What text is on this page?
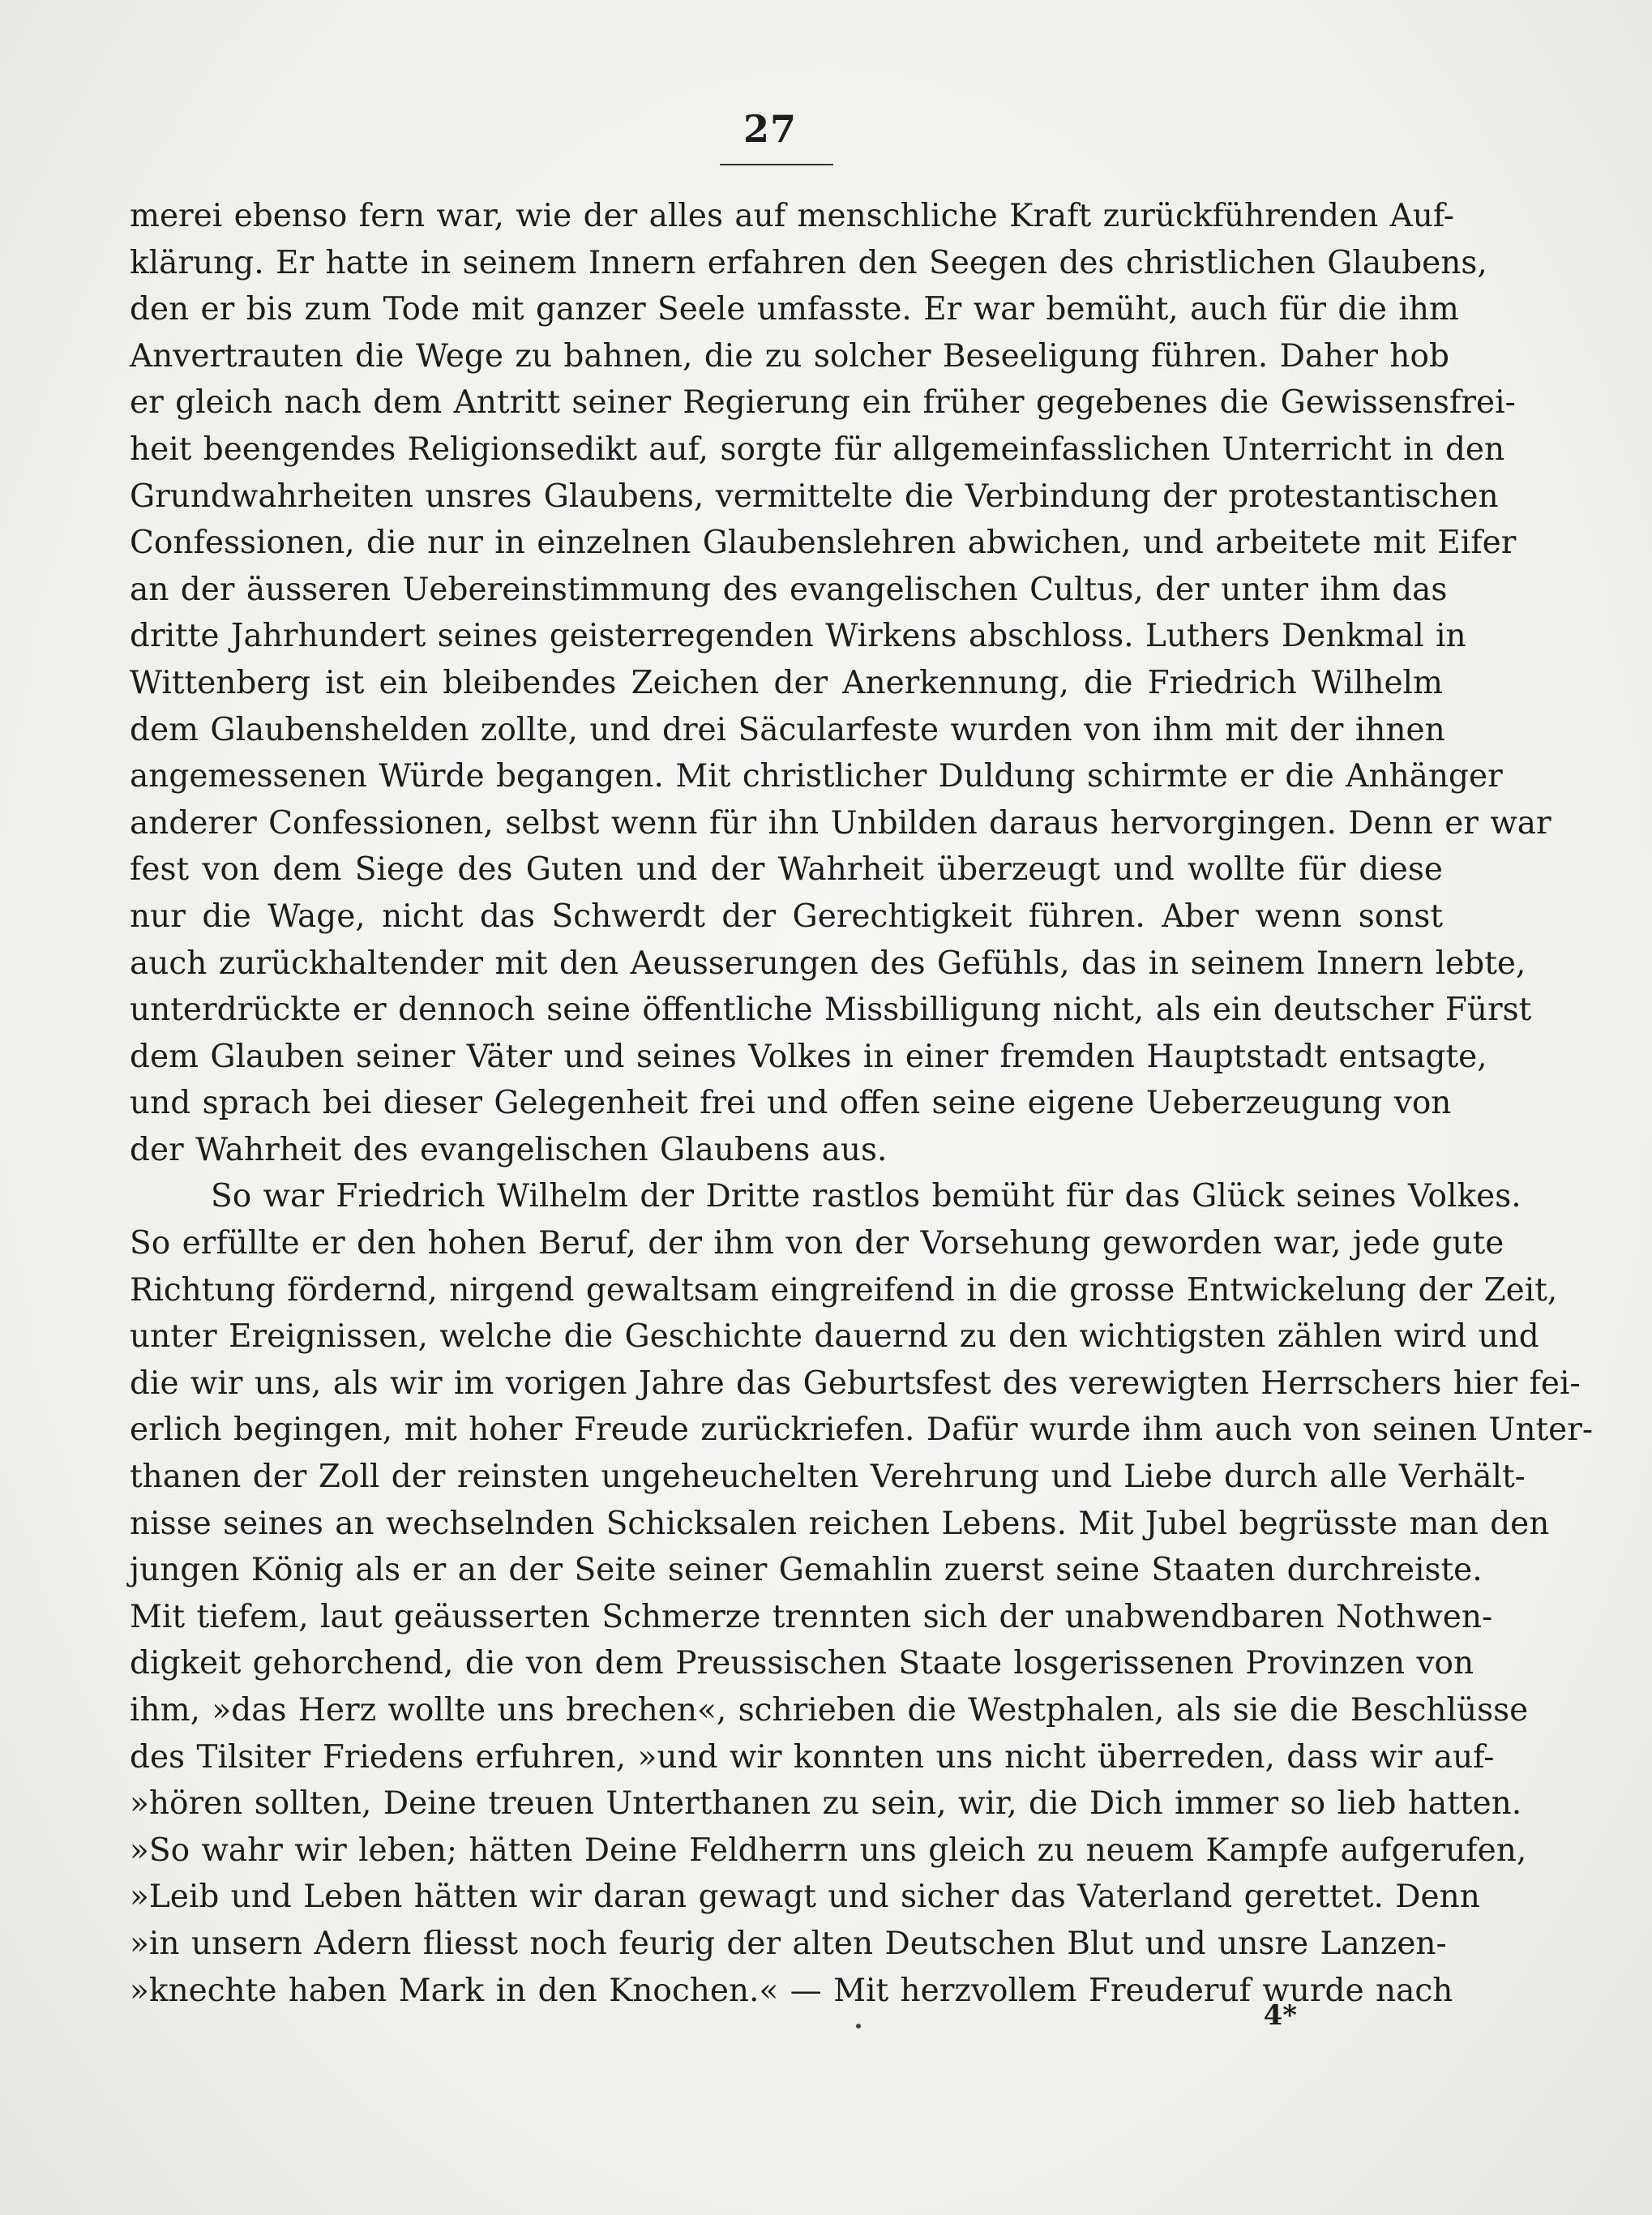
27
merei ebenso fern war, wie der alles auf menschliche Kraft zurückführenden Auf-
klärung. Er hatte in seinem Innern erfahren den Seegen des christlichen Glaubens,
den er bis zum Tode mit ganzer Seele umfasste. Er war bemüht, auch für die ihm
Anvertrauten die Wege zu bahnen, die zu solcher Beseeligung führen. Daher hob
er gleich nach dem Antritt seiner Regierung ein früher gegebenes die Gewissensfrei-
heit beengendes Religionsedikt auf, sorgte für allgemeinfasslichen Unterricht in den
Grundwahrheiten unsres Glaubens, vermittelte die Verbindung der protestantischen
Confessionen, die nur in einzelnen Glaubenslehren abwichen, und arbeitete mit Eifer
an der äusseren Uebereinstimmung des evangelischen Cultus, der unter ihm das
dritte Jahrhundert seines geisterregenden Wirkens abschloss. Luthers Denkmal in
Wittenberg ist ein bleibendes Zeichen der Anerkennung, die Friedrich Wilhelm
dem Glaubenshelden zollte, und drei Säcularfeste wurden von ihm mit der ihnen
angemessenen Würde begangen. Mit christlicher Duldung schirmte er die Anhänger
anderer Confessionen, selbst wenn für ihn Unbilden daraus hervorgingen. Denn er war
fest von dem Siege des Guten und der Wahrheit überzeugt und wollte für diese
nur die Wage, nicht das Schwerdt der Gerechtigkeit führen. Aber wenn sonst
auch zurückhaltender mit den Aeusserungen des Gefühls, das in seinem Innern lebte,
unterdrückte er dennoch seine öffentliche Missbilligung nicht, als ein deutscher Fürst
dem Glauben seiner Väter und seines Volkes in einer fremden Hauptstadt entsagte,
und sprach bei dieser Gelegenheit frei und offen seine eigene Ueberzeugung von
der Wahrheit des evangelischen Glaubens aus.
So war Friedrich Wilhelm der Dritte rastlos bemüht für das Glück seines Volkes.
So erfüllte er den hohen Beruf, der ihm von der Vorsehung geworden war, jede gute
Richtung fördernd, nirgend gewaltsam eingreifend in die grosse Entwickelung der Zeit,
unter Ereignissen, welche die Geschichte dauernd zu den wichtigsten zählen wird und
die wir uns, als wir im vorigen Jahre das Geburtsfest des verewigten Herrschers hier fei-
erlich begingen, mit hoher Freude zurückriefen. Dafür wurde ihm auch von seinen Unter-
thanen der Zoll der reinsten ungeheuchelten Verehrung und Liebe durch alle Verhält-
nisse seines an wechselnden Schicksalen reichen Lebens. Mit Jubel begrüsste man den
jungen König als er an der Seite seiner Gemahlin zuerst seine Staaten durchreiste.
Mit tiefem, laut geäusserten Schmerze trennten sich der unabwendbaren Nothwen-
digkeit gehorchend, die von dem Preussischen Staate losgerissenen Provinzen von
ihm, »das Herz wollte uns brechen«, schrieben die Westphalen, als sie die Beschlüsse
des Tilsiter Friedens erfuhren, »und wir konnten uns nicht überreden, dass wir auf-
»hören sollten, Deine treuen Unterthanen zu sein, wir, die Dich immer so lieb hatten.
»So wahr wir leben; hätten Deine Feldherrn uns gleich zu neuem Kampfe aufgerufen,
»Leib und Leben hätten wir daran gewagt und sicher das Vaterland gerettet. Denn
»in unsern Adern fliesst noch feurig der alten Deutschen Blut und unsre Lanzen-
»knechte haben Mark in den Knochen.« — Mit herzvollem Freuderuf wurde nach
4*
